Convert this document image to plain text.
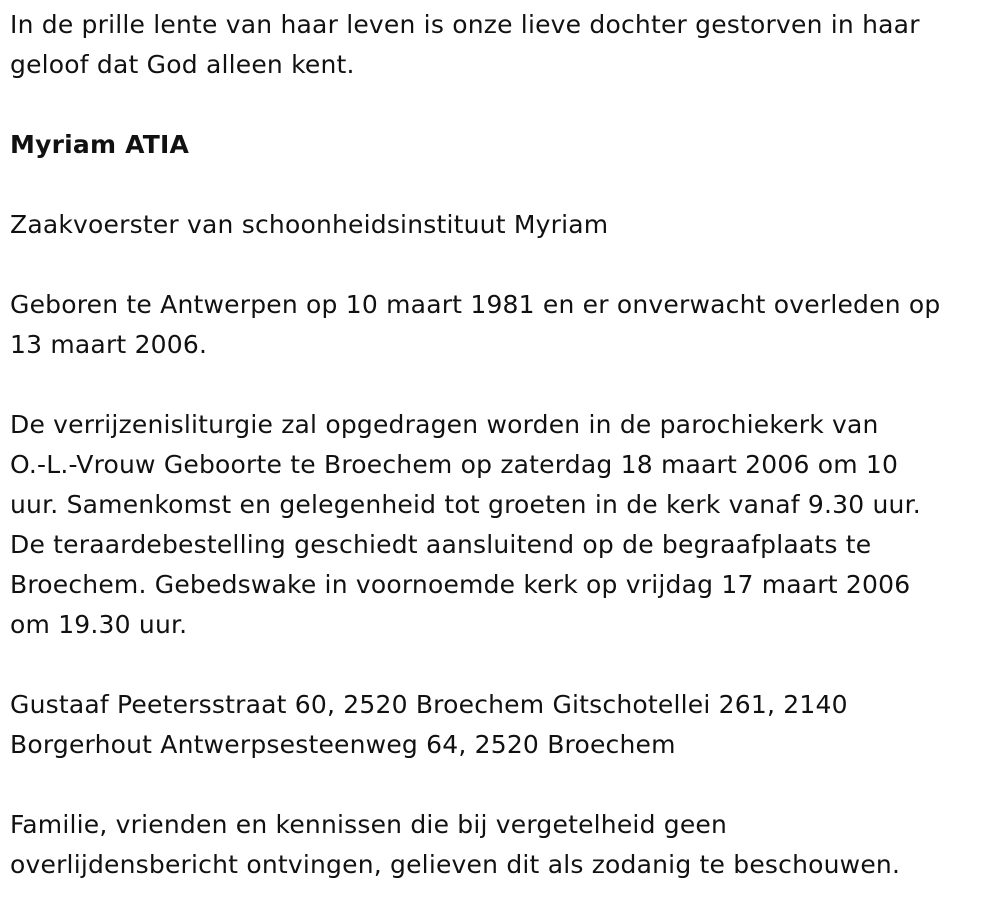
In de prille lente van haar leven is onze lieve dochter gestorven in haar
geloof dat God alleen kent.

Myriam ATIA

Zaakvoerster van schoonheidsinstituut Myriam

Geboren te Antwerpen op 10 maart 1981 en er onverwacht overleden op
13 maart 2006.

De verrijzenisliturgie zal opgedragen worden in de parochiekerk van
O.-L.-Vrouw Geboorte te Broechem op zaterdag 18 maart 2006 om 10
uur. Samenkomst en gelegenheid tot groeten in de kerk vanaf 9.30 uur.
De teraardebestelling geschiedt aansluitend op de begraafplaats te
Broechem. Gebedswake in voornoemde kerk op vrijdag 17 maart 2006
om 19.30 uur.

Gustaaf Peetersstraat 60, 2520 Broechem Gitschotellei 261, 2140
Borgerhout Antwerpsesteenweg 64, 2520 Broechem

Familie, vrienden en kennissen die bij vergetelheid geen
overlijdensbericht ontvingen, gelieven dit als zodanig te beschouwen.
